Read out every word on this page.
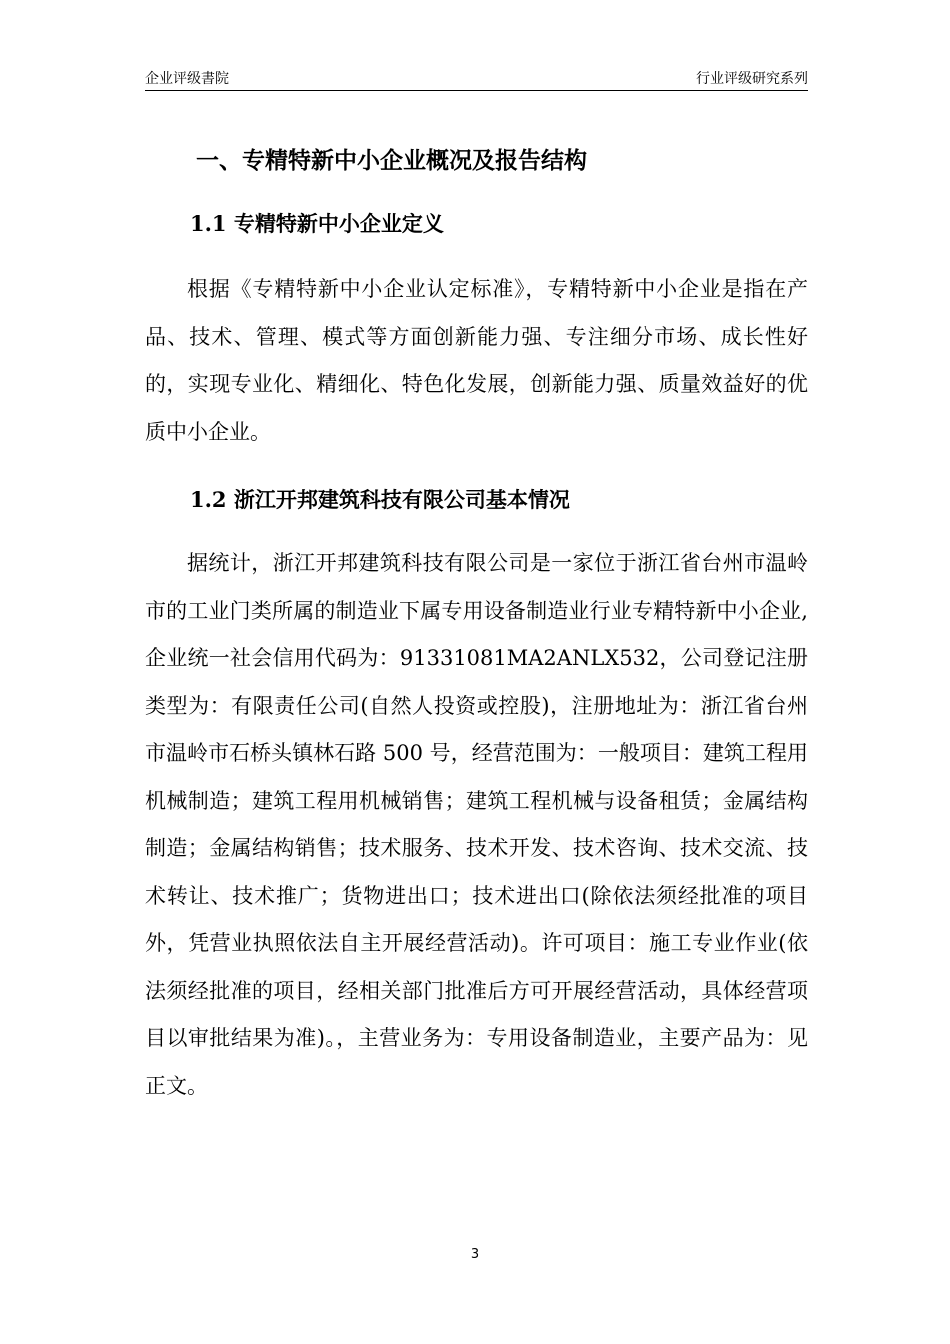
企业评级書院	行业评级研究系列
一、专精特新中小企业概况及报告结构
1.1 专精特新中小企业定义

根据《专精特新中小企业认定标准》，专精特新中小企业是指在产品、技术、管理、模式等方面创新能力强、专注细分市场、成长性好的，实现专业化、精细化、特色化发展，创新能力强、质量效益好的优质中小企业。

1.2 浙江开邦建筑科技有限公司基本情况

据统计，浙江开邦建筑科技有限公司是一家位于浙江省台州市温岭市的工业门类所属的制造业下属专用设备制造业行业专精特新中小企业,企业统一社会信用代码为：91331081MA2ANLX532，公司登记注册类型为：有限责任公司(自然人投资或控股)，注册地址为：浙江省台州市温岭市石桥头镇林石路 500 号，经营范围为：一般项目：建筑工程用机械制造；建筑工程用机械销售；建筑工程机械与设备租赁；金属结构制造；金属结构销售；技术服务、技术开发、技术咨询、技术交流、技术转让、技术推广；货物进出口；技术进出口(除依法须经批准的项目外，凭营业执照依法自主开展经营活动)。许可项目：施工专业作业(依法须经批准的项目，经相关部门批准后方可开展经营活动，具体经营项目以审批结果为准)。，主营业务为：专用设备制造业，主要产品为：见正文。

3
